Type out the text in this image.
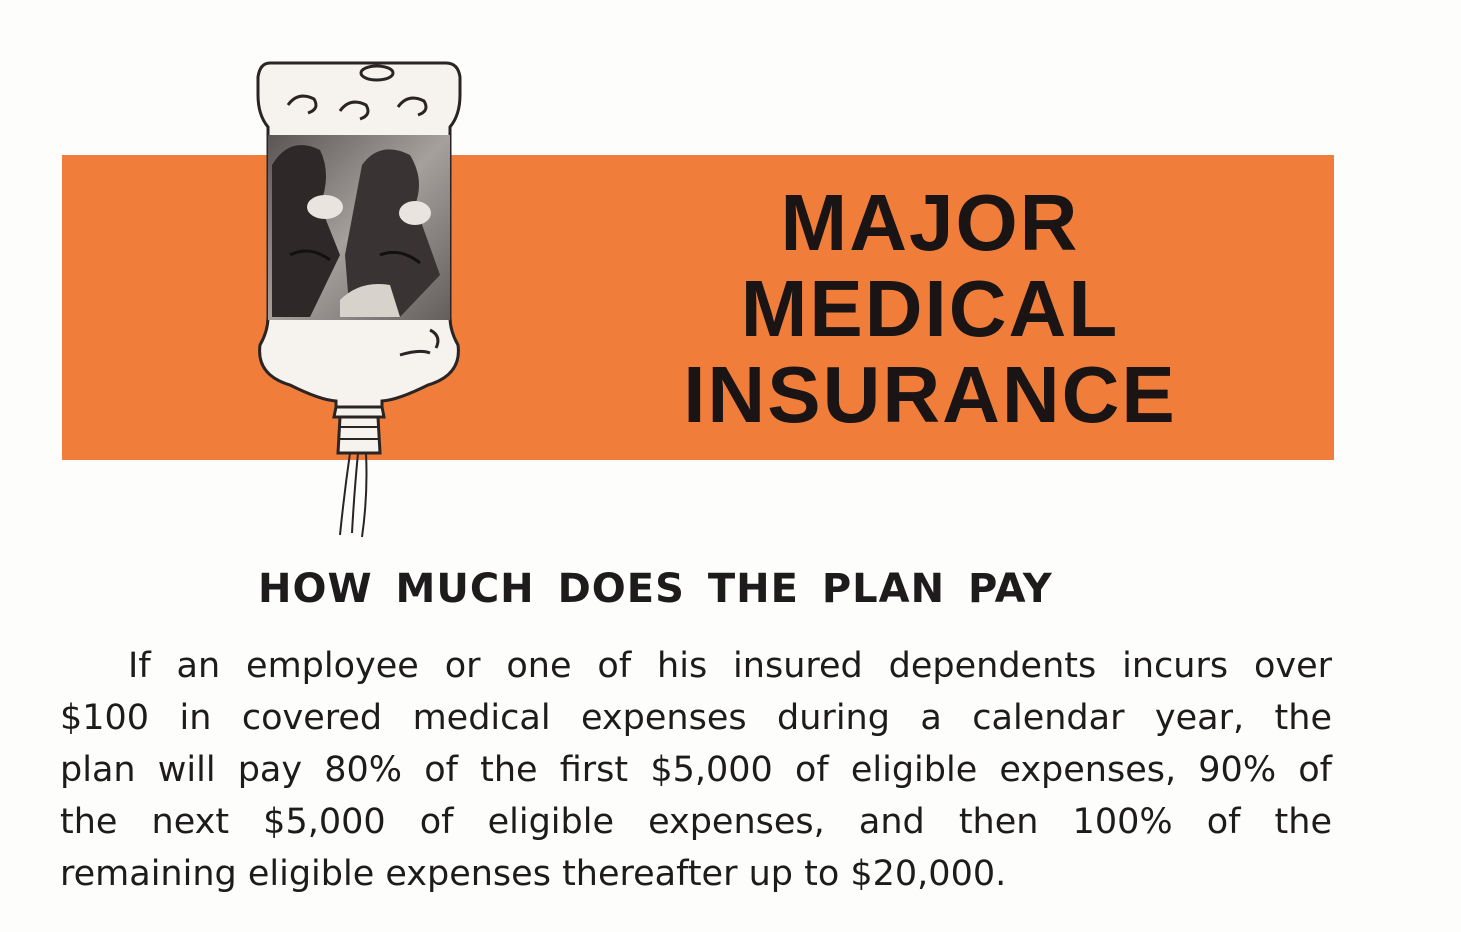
MAJOR
MEDICAL
INSURANCE
HOW MUCH DOES THE PLAN PAY
If an employee or one of his insured dependents incurs over
$100 in covered medical expenses during a calendar year, the
plan will pay 80% of the first $5,000 of eligible expenses, 90% of
the next $5,000 of eligible expenses, and then 100% of the
remaining eligible expenses thereafter up to $20,000.
